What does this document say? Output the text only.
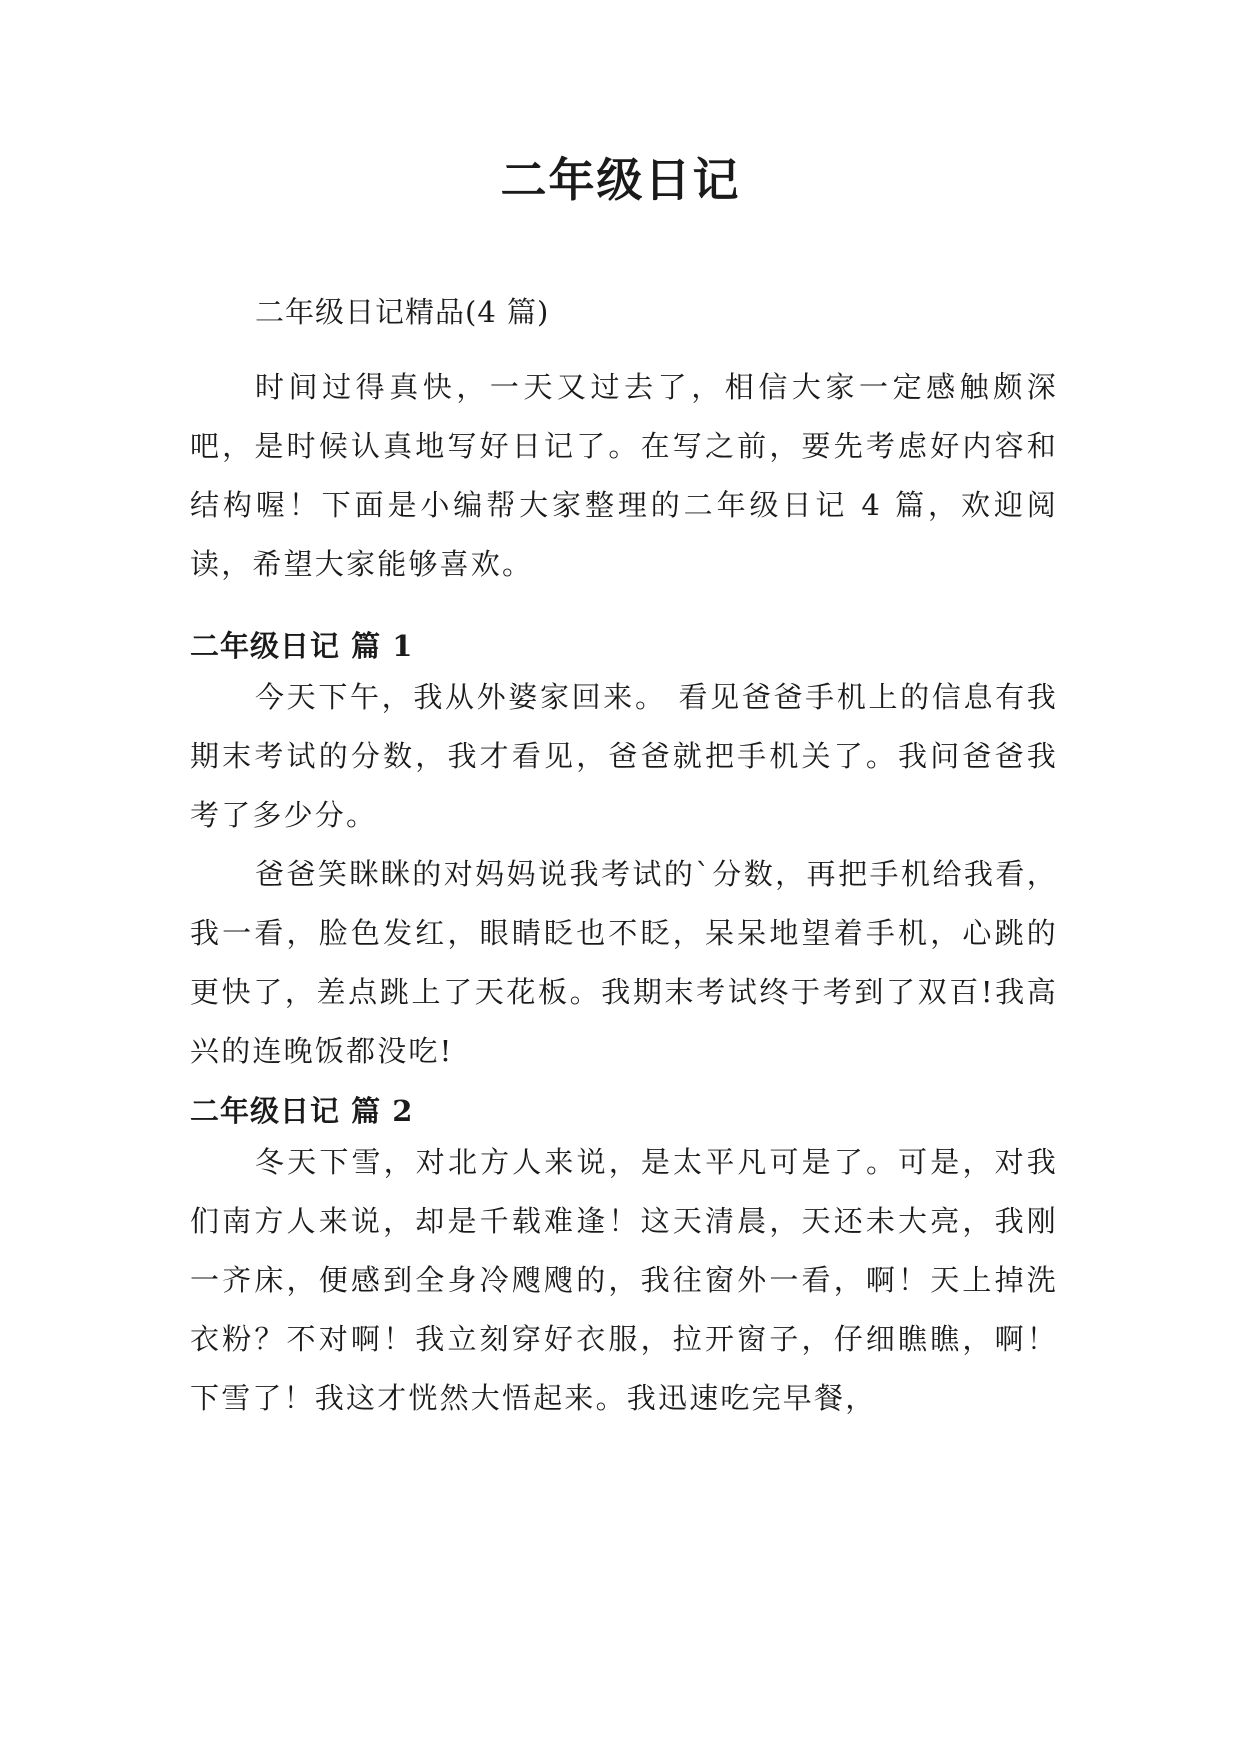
二年级日记

二年级日记精品(4 篇)

时间过得真快，一天又过去了，相信大家一定感触颇深吧，是时候认真地写好日记了。在写之前，要先考虑好内容和结构喔！下面是小编帮大家整理的二年级日记 4 篇，欢迎阅读，希望大家能够喜欢。

二年级日记 篇 1

今天下午，我从外婆家回来。 看见爸爸手机上的信息有我期末考试的分数，我才看见，爸爸就把手机关了。我问爸爸我考了多少分。

爸爸笑眯眯的对妈妈说我考试的`分数，再把手机给我看，我一看，脸色发红，眼睛眨也不眨，呆呆地望着手机，心跳的更快了，差点跳上了天花板。我期末考试终于考到了双百!我高兴的连晚饭都没吃!

二年级日记 篇 2

冬天下雪，对北方人来说，是太平凡可是了。可是，对我们南方人来说，却是千载难逢！这天清晨，天还未大亮，我刚一齐床，便感到全身冷飕飕的，我往窗外一看，啊！天上掉洗衣粉？不对啊！我立刻穿好衣服，拉开窗子，仔细瞧瞧，啊！下雪了！我这才恍然大悟起来。我迅速吃完早餐，
